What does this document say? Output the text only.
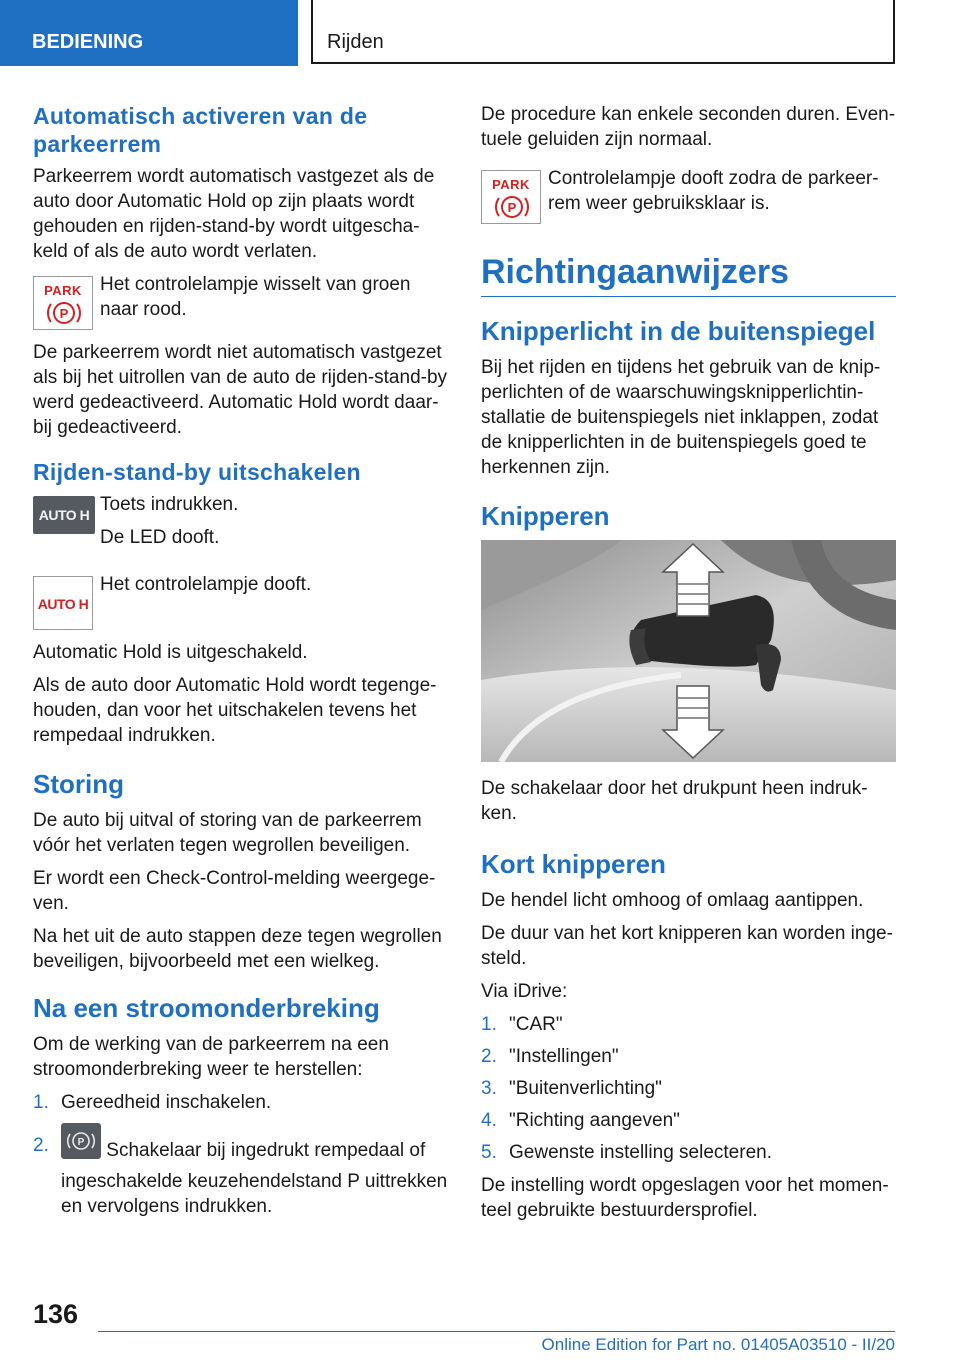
BEDIENING	Rijden
Automatisch activeren van de parkeerrem

Parkeerrem wordt automatisch vastgezet als de auto door Automatic Hold op zijn plaats wordt gehouden en rijden-stand-by wordt uitgeschakeld of als de auto wordt verlaten.

PARK
P

Het controlelampje wisselt van groen naar rood.

De parkeerrem wordt niet automatisch vastgezet als bij het uitrollen van de auto de rijden-stand-by werd gedeactiveerd. Automatic Hold wordt daarbij gedeactiveerd.

Rijden-stand-by uitschakelen
AUTO H Toets indrukken.

De LED dooft.

AUTO H

Het controlelampje dooft.

Automatic Hold is uitgeschakeld.

Als de auto door Automatic Hold wordt tegengehouden, dan voor het uitschakelen tevens het rempedaal indrukken.

Storing

De auto bij uitval of storing van de parkeerrem vóór het verlaten tegen wegrollen beveiligen.

Er wordt een Check-Control-melding weergegeven.

Na het uit de auto stappen deze tegen wegrollen beveiligen, bijvoorbeeld met een wielkeg.

Na een stroomonderbreking

Om de werking van de parkeerrem na een stroomonderbreking weer te herstellen:

1. Gereedheid inschakelen.
2.	P Schakelaar bij ingedrukt rempedaal of ingeschakelde keuzehendelstand P uittrekken en vervolgens indrukken.

De procedure kan enkele seconden duren. Eventuele geluiden zijn normaal.

PARK
P

Controlelampje dooft zodra de parkeerrem weer gebruiksklaar is.

Richtingaanwijzers
Knipperlicht in de buitenspiegel

Bij het rijden en tijdens het gebruik van de knipperlichten of de waarschuwingsknipperlichtinstallatie de buitenspiegels niet inklappen, zodat de knipperlichten in de buitenspiegels goed te herkennen zijn.

Knipperen

De schakelaar door het drukpunt heen indrukken.

Kort knipperen

De hendel licht omhoog of omlaag aantippen.

De duur van het kort knipperen kan worden ingesteld.

Via iDrive:

1. "CAR"
2. "Instellingen"
3. "Buitenverlichting"
4. "Richting aangeven"
5. Gewenste instelling selecteren.

De instelling wordt opgeslagen voor het momenteel gebruikte bestuurdersprofiel.

136
Online Edition for Part no. 01405A03510 - II/20
